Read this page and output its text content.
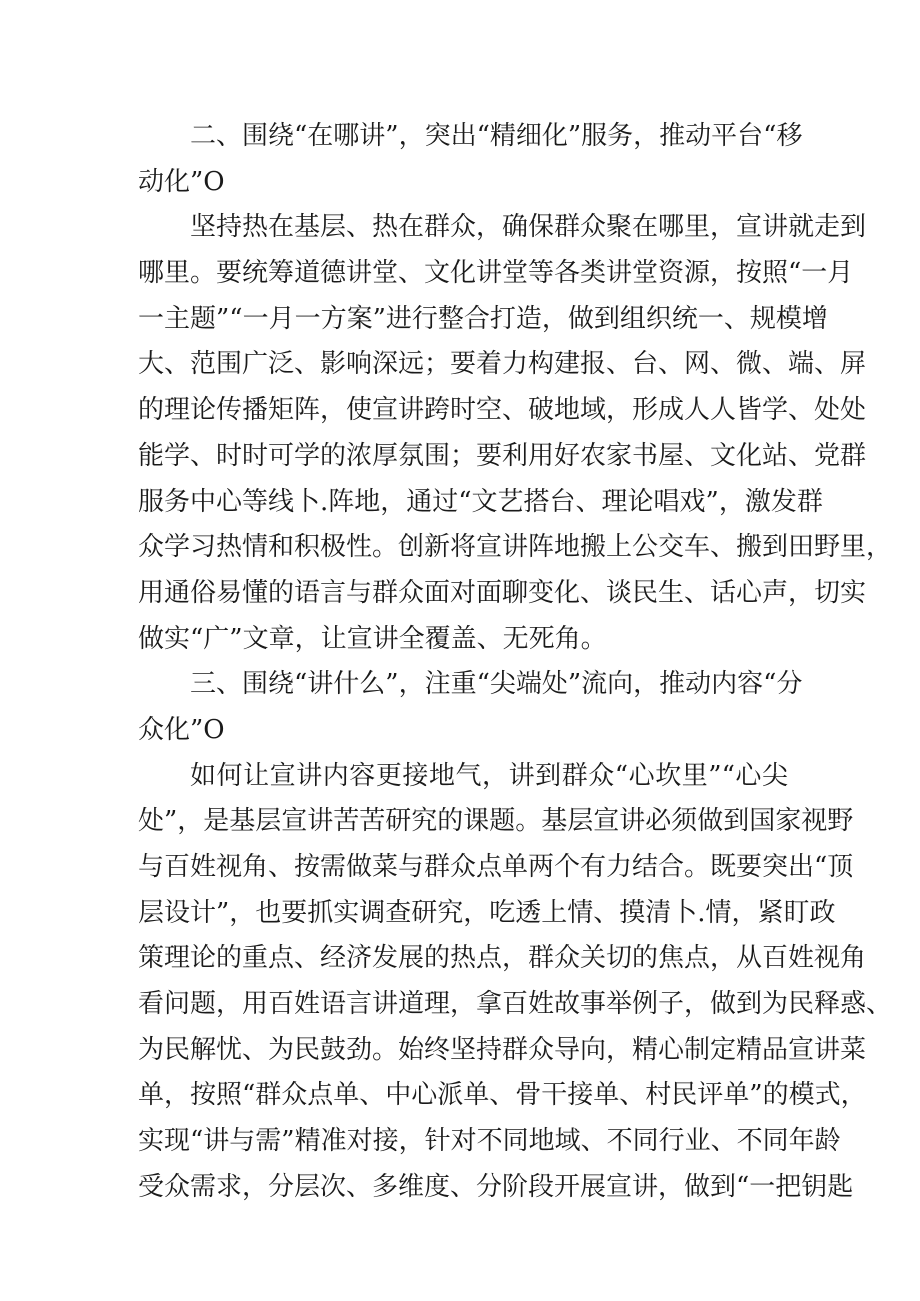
二、围绕“在哪讲”，突出“精细化”服务，推动平台“移
动化”O
坚持热在基层、热在群众，确保群众聚在哪里，宣讲就走到
哪里。要统筹道德讲堂、文化讲堂等各类讲堂资源，按照“一月
一主题”“一月一方案”进行整合打造，做到组织统一、规模增
大、范围广泛、影响深远；要着力构建报、台、网、微、端、屏
的理论传播矩阵，使宣讲跨时空、破地域，形成人人皆学、处处
能学、时时可学的浓厚氛围；要利用好农家书屋、文化站、党群
服务中心等线卜.阵地，通过“文艺搭台、理论唱戏”，激发群
众学习热情和积极性。创新将宣讲阵地搬上公交车、搬到田野里，
用通俗易懂的语言与群众面对面聊变化、谈民生、话心声，切实
做实“广”文章，让宣讲全覆盖、无死角。
三、围绕“讲什么”，注重“尖端处”流向，推动内容“分
众化”O
如何让宣讲内容更接地气，讲到群众“心坎里”“心尖
处”，是基层宣讲苦苦研究的课题。基层宣讲必须做到国家视野
与百姓视角、按需做菜与群众点单两个有力结合。既要突出“顶
层设计”，也要抓实调查研究，吃透上情、摸清卜.情，紧盯政
策理论的重点、经济发展的热点，群众关切的焦点，从百姓视角
看问题，用百姓语言讲道理，拿百姓故事举例子，做到为民释惑、
为民解忧、为民鼓劲。始终坚持群众导向，精心制定精品宣讲菜
单，按照“群众点单、中心派单、骨干接单、村民评单”的模式，
实现“讲与需”精准对接，针对不同地域、不同行业、不同年龄
受众需求，分层次、多维度、分阶段开展宣讲，做到“一把钥匙
